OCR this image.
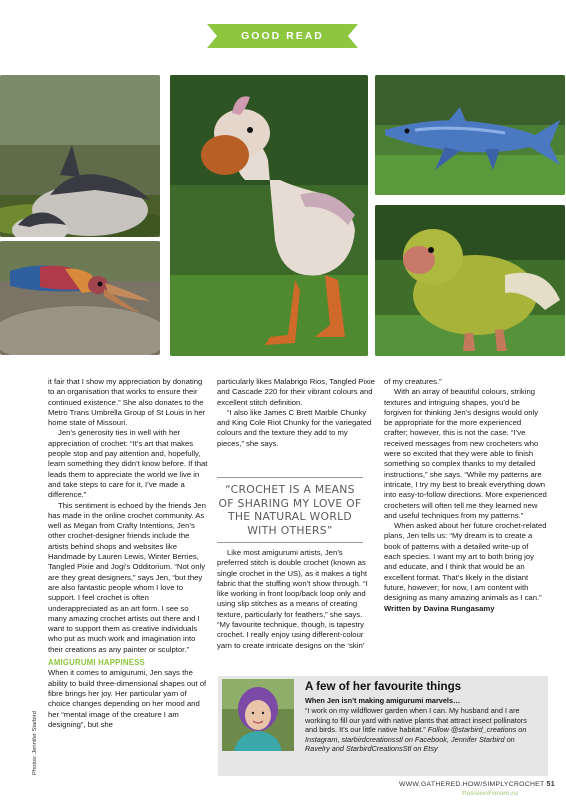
GOOD READ
Photos: Jennifer Starbird

it fair that I show my appreciation by donating to an organisation that works to ensure their continued existence.” She also donates to the Metro Trans Umbrella Group of St Louis in her home state of Missouri.

Jen’s generosity ties in well with her appreciation of crochet: “It’s art that makes people stop and pay attention and, hopefully, learn something they didn’t know before. If that leads them to appreciate the world we live in and take steps to care for it, I’ve made a difference.”

This sentiment is echoed by the friends Jen has made in the online crochet community. As well as Megan from Crafty Intentions, Jen’s other crochet-designer friends include the artists behind shops and websites like Handmade by Lauren Lewis, Winter Berries, Tangled Pixie and Jogi’s Odditorium. “Not only are they great designers,” says Jen, “but they are also fantastic people whom I love to support. I feel crochet is often underappreciated as an art form. I see so many amazing crochet artists out there and I want to support them as creative individuals who put as much work and imagination into their creations as any painter or sculptor.”

AMIGURUMI HAPPINESS

When it comes to amigurumi, Jen says the ability to build three-dimensional shapes out of fibre brings her joy. Her particular yarn of choice changes depending on her mood and her “mental image of the creature I am designing”, but she

particularly likes Malabrigo Rios, Tangled Pixie and Cascade 220 for their vibrant colours and excellent stitch definition.

“I also like James C Brett Marble Chunky and King Cole Riot Chunky for the variegated colours and the texture they add to my pieces,” she says.

“CROCHET IS A MEANS OF SHARING MY LOVE OF THE NATURAL WORLD WITH OTHERS”

Like most amigurumi artists, Jen’s preferred stitch is double crochet (known as single crochet in the US), as it makes a tight fabric that the stuffing won’t show through. “I like working in front loop/back loop only and using slip stitches as a means of creating texture, particularly for feathers,” she says. “My favourite technique, though, is tapestry crochet. I really enjoy using different-colour yarn to create intricate designs on the ‘skin’

of my creatures.”

With an array of beautiful colours, striking textures and intriguing shapes, you’d be forgiven for thinking Jen’s designs would only be appropriate for the more experienced crafter; however, this is not the case. “I’ve received messages from new crocheters who were so excited that they were able to finish something so complex thanks to my detailed instructions,” she says. “While my patterns are intricate, I try my best to break everything down into easy-to-follow directions. More experienced crocheters will often tell me they learned new and useful techniques from my patterns.”

When asked about her future crochet-related plans, Jen tells us: “My dream is to create a book of patterns with a detailed write-up of each species. I want my art to both bring joy and educate, and I think that would be an excellent format. That’s likely in the distant future, however; for now, I am content with designing as many amazing animals as I can.”

Written by Davina Rungasamy

A few of her favourite things
When Jen isn’t making amigurumi marvels…
“I work on my wildflower garden when I can. My husband and I are working to fill our yard with native plants that attract insect pollinators and birds. It’s our little native habitat.” Follow @starbird_creations on Instagram, starbirdcreationsstl on Facebook, Jennifer Starbird on Ravelry and StarbirdCreationsStl on Etsy
WWW.GATHERED.HOW/SIMPLYCROCHET 51
PassionForum.ru
